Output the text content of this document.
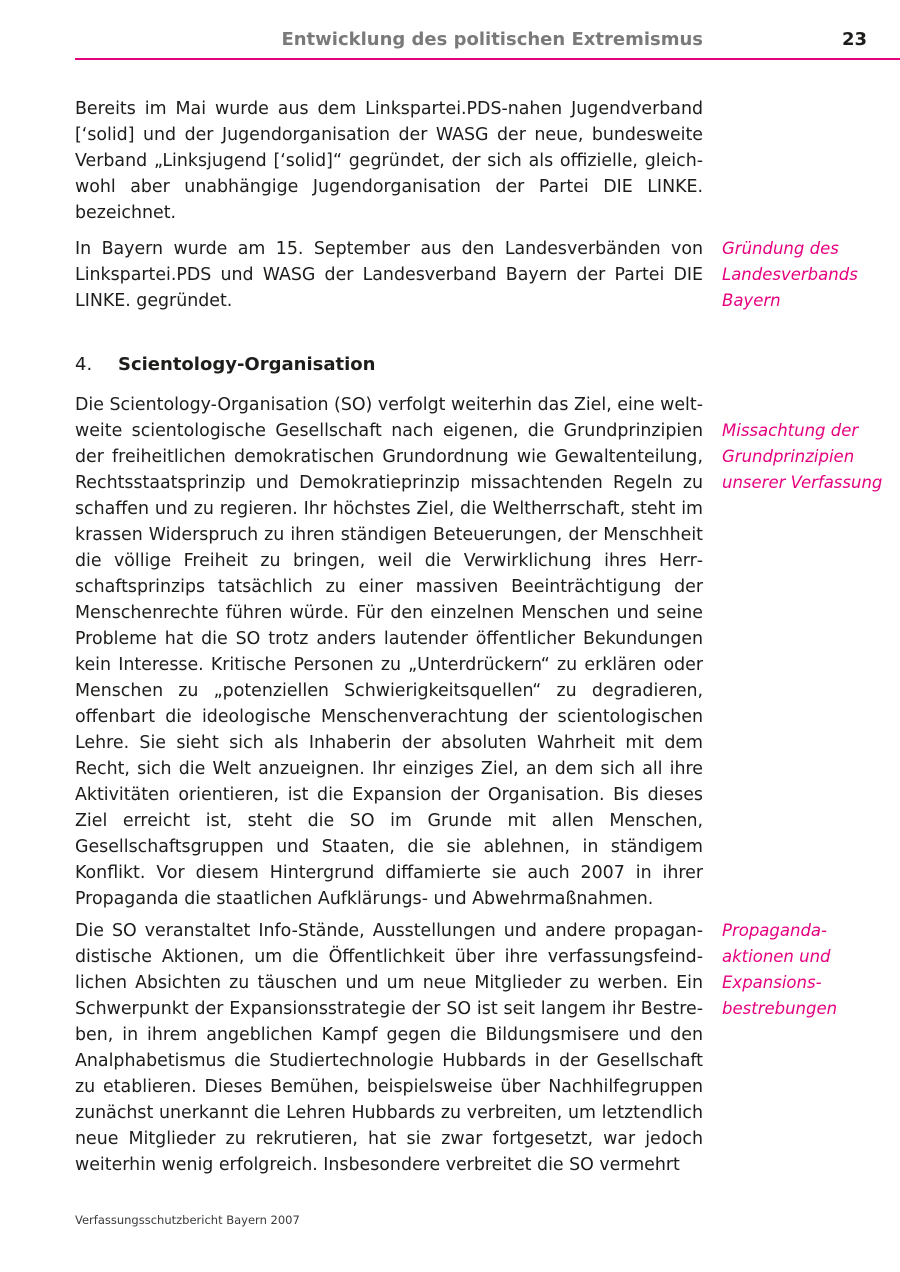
Entwicklung des politischen Extremismus	23

Bereits im Mai wurde aus dem Linkspartei.PDS-nahen Jugendverband [‘solid] und der Jugendorganisation der WASG der neue, bundesweite Verband „Linksjugend [‘solid]“ gegründet, der sich als offizielle, gleichwohl aber unabhängige Jugendorganisation der Partei DIE LINKE. bezeichnet.

In Bayern wurde am 15. September aus den Landesverbänden von Linkspartei.PDS und WASG der Landesverband Bayern der Partei DIE LINKE. gegründet.

Gründung des Landesverbands Bayern

4. Scientology-Organisation

Die Scientology-Organisation (SO) verfolgt weiterhin das Ziel, eine weltweite scientologische Gesellschaft nach eigenen, die Grundprinzipien der freiheitlichen demokratischen Grundordnung wie Gewaltenteilung, Rechtsstaatsprinzip und Demokratieprinzip missachtenden Regeln zu schaffen und zu regieren. Ihr höchstes Ziel, die Weltherrschaft, steht im krassen Widerspruch zu ihren ständigen Beteuerungen, der Menschheit die völlige Freiheit zu bringen, weil die Verwirklichung ihres Herrschaftsprinzips tatsächlich zu einer massiven Beeinträchtigung der Menschenrechte führen würde. Für den einzelnen Menschen und seine Probleme hat die SO trotz anders lautender öffentlicher Bekundungen kein Interesse. Kritische Personen zu „Unterdrückern“ zu erklären oder Menschen zu „potenziellen Schwierigkeitsquellen“ zu degradieren, offenbart die ideologische Menschenverachtung der scientologischen Lehre. Sie sieht sich als Inhaberin der absoluten Wahrheit mit dem Recht, sich die Welt anzueignen. Ihr einziges Ziel, an dem sich all ihre Aktivitäten orientieren, ist die Expansion der Organisation. Bis dieses Ziel erreicht ist, steht die SO im Grunde mit allen Menschen, Gesellschaftsgruppen und Staaten, die sie ablehnen, in ständigem Konflikt. Vor diesem Hintergrund diffamierte sie auch 2007 in ihrer Propaganda die staatlichen Aufklärungs- und Abwehrmaßnahmen.

Missachtung der Grundprinzipien unserer Verfassung

Die SO veranstaltet Info-Stände, Ausstellungen und andere propagandistische Aktionen, um die Öffentlichkeit über ihre verfassungsfeindlichen Absichten zu täuschen und um neue Mitglieder zu werben. Ein Schwerpunkt der Expansionsstrategie der SO ist seit langem ihr Bestreben, in ihrem angeblichen Kampf gegen die Bildungsmisere und den Analphabetismus die Studiertechnologie Hubbards in der Gesellschaft zu etablieren. Dieses Bemühen, beispielsweise über Nachhilfegruppen zunächst unerkannt die Lehren Hubbards zu verbreiten, um letztendlich neue Mitglieder zu rekrutieren, hat sie zwar fortgesetzt, war jedoch weiterhin wenig erfolgreich. Insbesondere verbreitet die SO vermehrt

Propagandaaktionen und Expansionsbestrebungen

Verfassungsschutzbericht Bayern 2007
